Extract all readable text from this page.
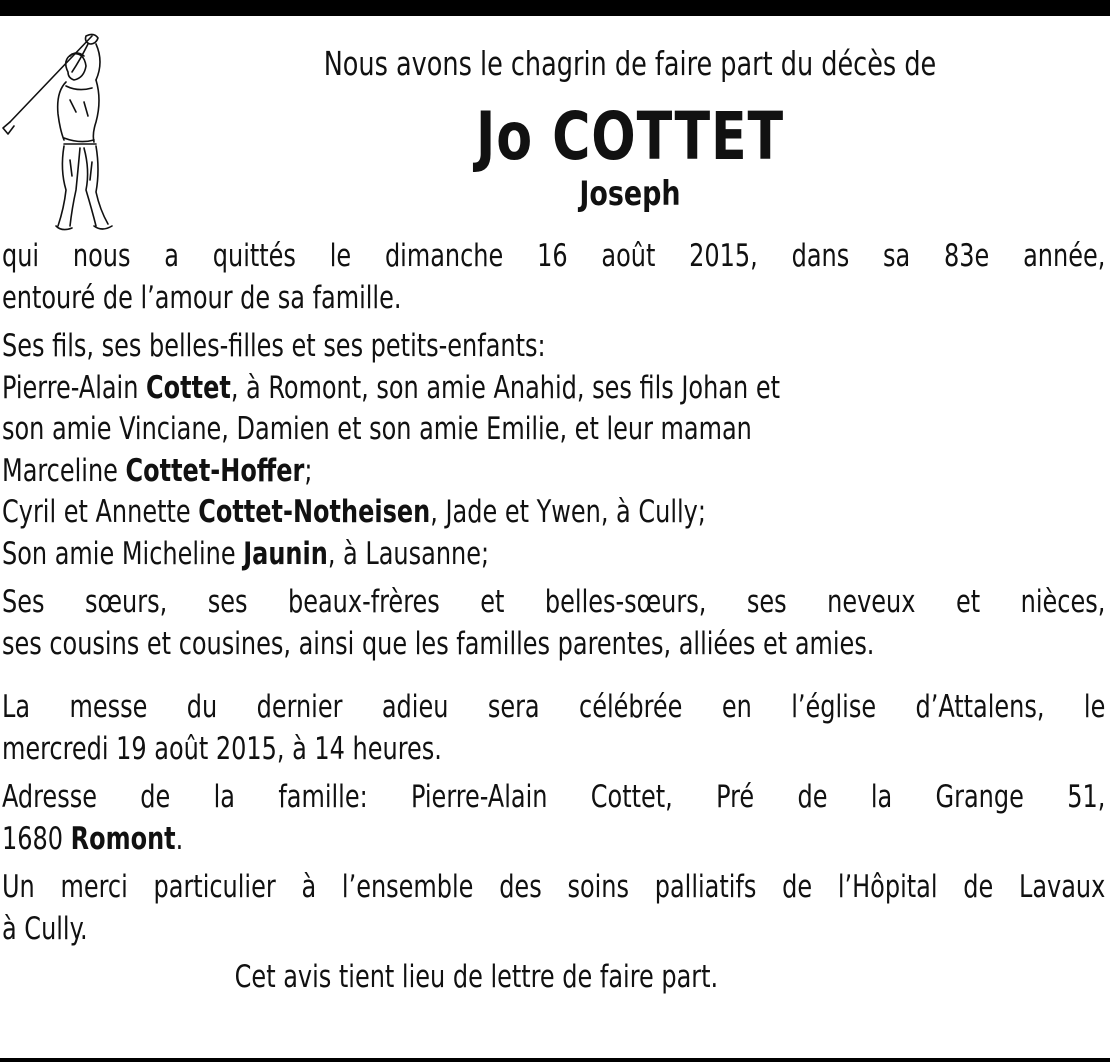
Nous avons le chagrin de faire part du décès de
Jo COTTET
Joseph

qui nous a quittés le dimanche 16 août 2015, dans sa 83e année,

entouré de l’amour de sa famille.

Ses fils, ses belles-filles et ses petits-enfants:

Pierre-Alain Cottet, à Romont, son amie Anahid, ses fils Johan et

son amie Vinciane, Damien et son amie Emilie, et leur maman

Marceline Cottet-Hoffer;

Cyril et Annette Cottet-Notheisen, Jade et Ywen, à Cully;

Son amie Micheline Jaunin, à Lausanne;

Ses sœurs, ses beaux-frères et belles-sœurs, ses neveux et nièces,

ses cousins et cousines, ainsi que les familles parentes, alliées et amies.

La messe du dernier adieu sera célébrée en l’église d’Attalens, le

mercredi 19 août 2015, à 14 heures.

Adresse de la famille: Pierre-Alain Cottet, Pré de la Grange 51,

1680 Romont.

Un merci particulier à l’ensemble des soins palliatifs de l’Hôpital de Lavaux

à Cully.

Cet avis tient lieu de lettre de faire part.
